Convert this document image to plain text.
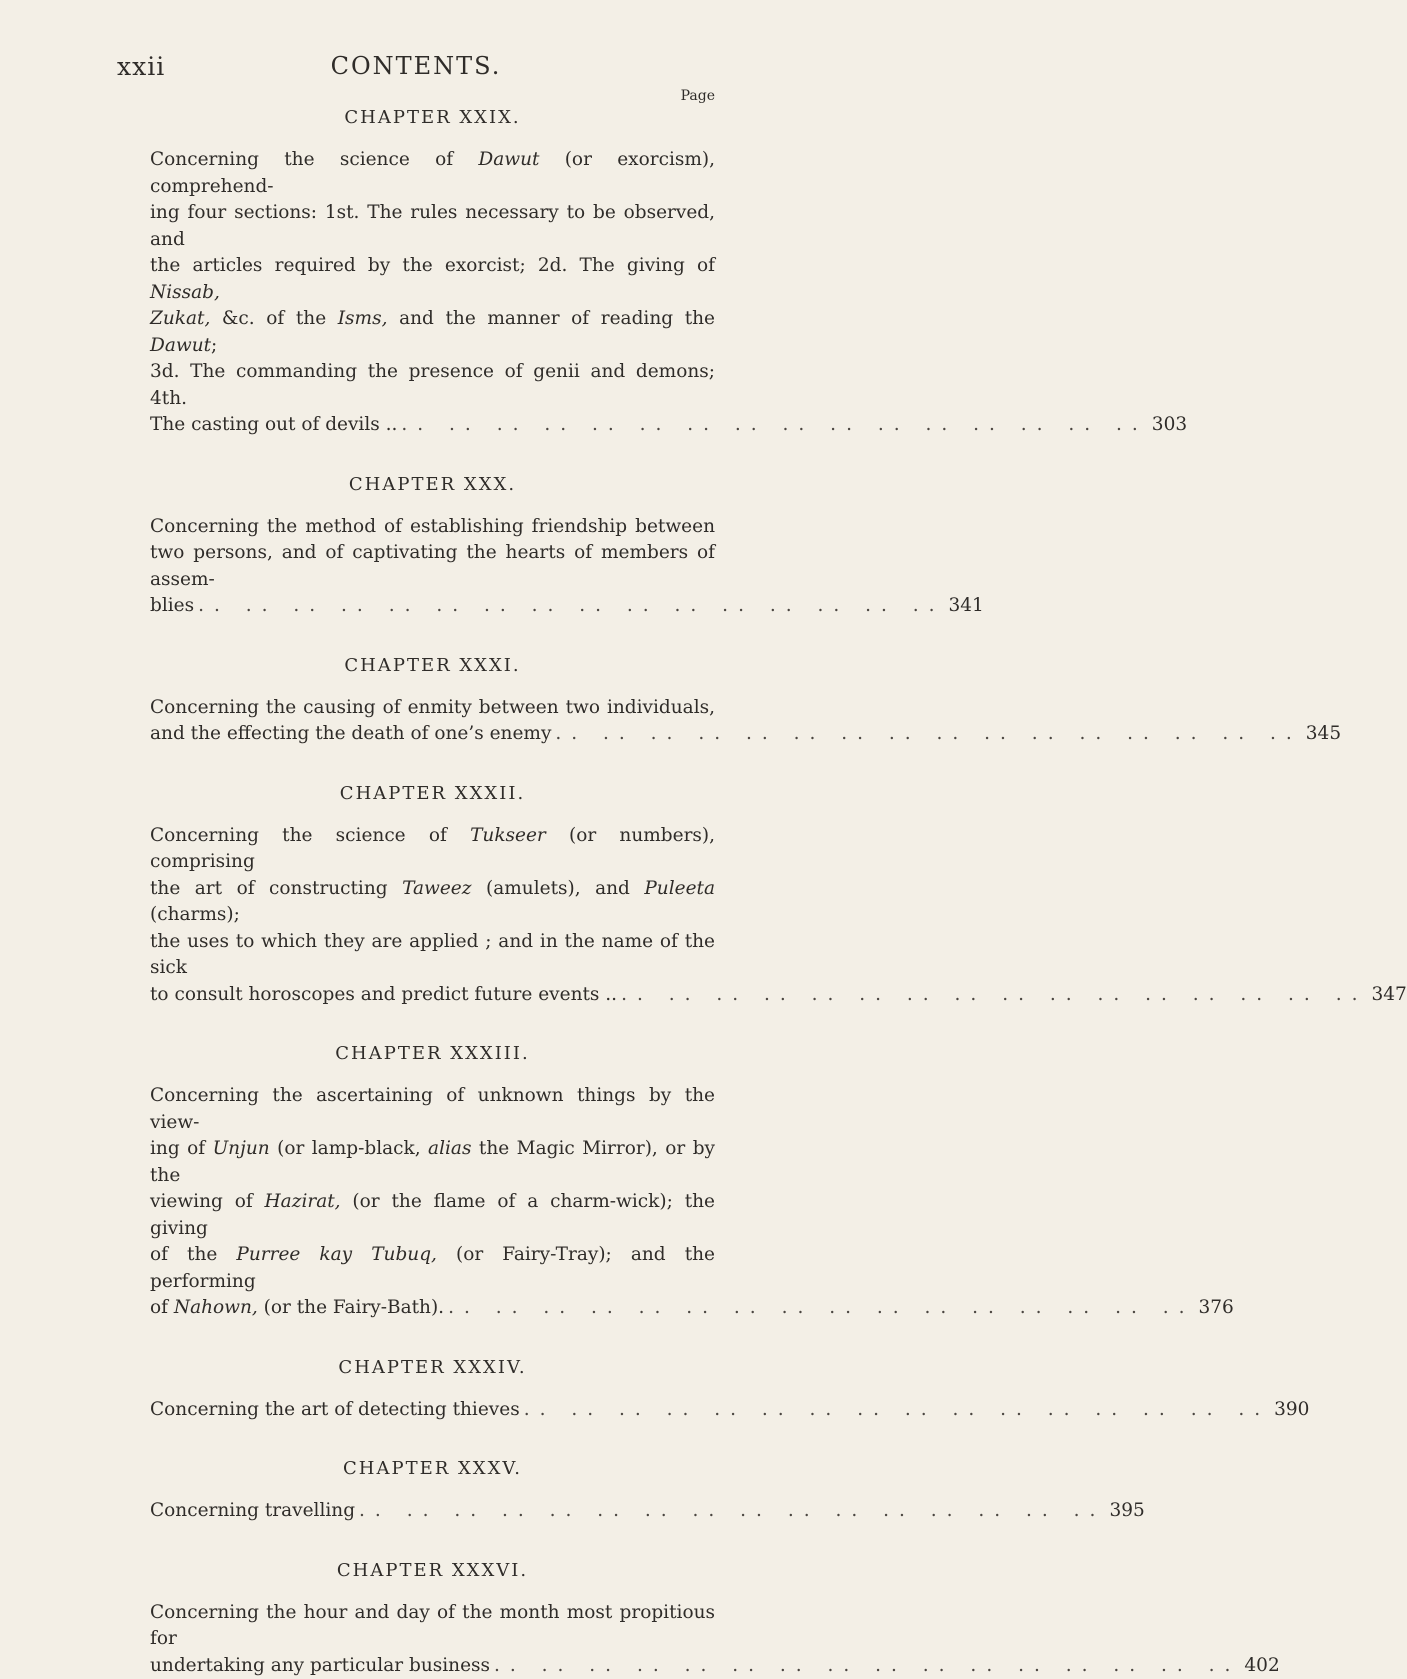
xxii	CONTENTS.
Page
CHAPTER XXIX.
Concerning the science of Dawut (or exorcism), comprehend-
ing four sections: 1st. The rules necessary to be observed, and
the articles required by the exorcist; 2d. The giving of Nissab,
Zukat, &c. of the Isms, and the manner of reading the Dawut;
3d. The commanding the presence of genii and demons; 4th.
The casting out of devils .. .. .. .. .. .. .. .. .. .. .. .. .. .. .. .. .. 303
CHAPTER XXX.
Concerning the method of establishing friendship between
two persons, and of captivating the hearts of members of assem-
blies .. .. .. .. .. .. .. .. .. .. .. .. .. .. .. .. 341
CHAPTER XXXI.
Concerning the causing of enmity between two individuals,
and the effecting the death of one’s enemy .. .. .. .. .. .. .. .. .. .. .. .. .. .. .. .. 345
CHAPTER XXXII.
Concerning the science of Tukseer (or numbers), comprising
the art of constructing Taweez (amulets), and Puleeta (charms);
the uses to which they are applied ; and in the name of the sick
to consult horoscopes and predict future events .. .. .. .. .. .. .. .. .. .. .. .. .. .. .. .. .. 347
CHAPTER XXXIII.
Concerning the ascertaining of unknown things by the view-
ing of Unjun (or lamp-black, alias the Magic Mirror), or by the
viewing of Hazirat, (or the flame of a charm-wick); the giving
of the Purree kay Tubuq, (or Fairy-Tray); and the performing
of Nahown, (or the Fairy-Bath). .. .. .. .. .. .. .. .. .. .. .. .. .. .. .. .. 376
CHAPTER XXXIV.
Concerning the art of detecting thieves .. .. .. .. .. .. .. .. .. .. .. .. .. .. .. .. 390
CHAPTER XXXV.
Concerning travelling .. .. .. .. .. .. .. .. .. .. .. .. .. .. .. .. 395
CHAPTER XXXVI.
Concerning the hour and day of the month most propitious for
undertaking any particular business .. .. .. .. .. .. .. .. .. .. .. .. .. .. .. .. 402
